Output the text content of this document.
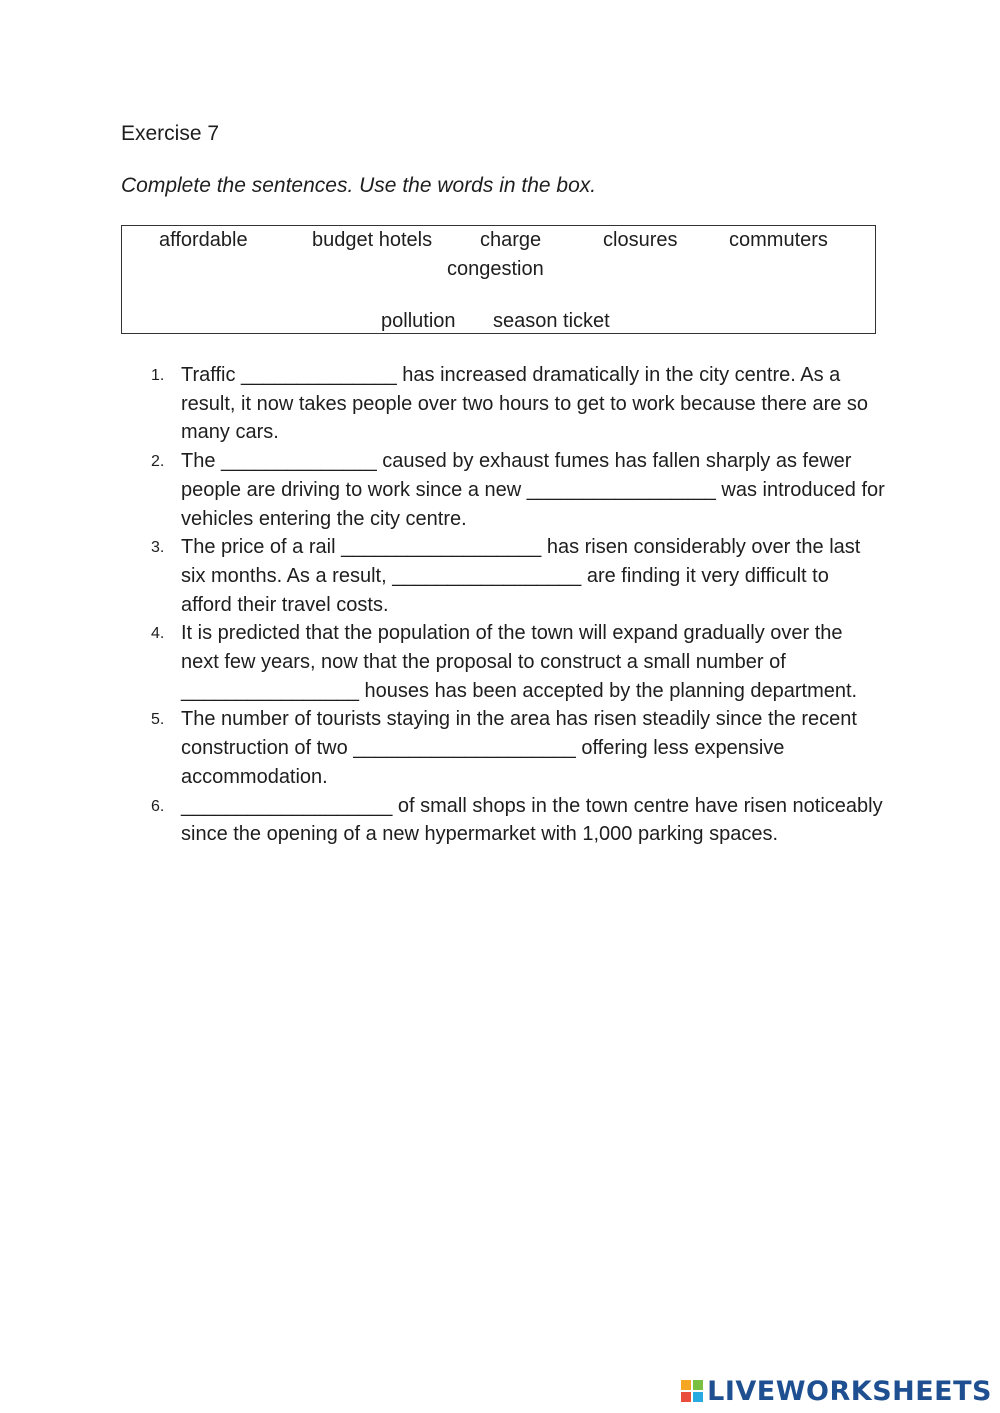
Exercise 7
Complete the sentences. Use the words in the box.
affordable	budget hotels charge	closures	commuters
congestion
pollution season ticket
1. Traffic ______________ has increased dramatically in the city centre. As a result, it now takes people over two hours to get to work because there are so many cars.
2. The ______________ caused by exhaust fumes has fallen sharply as fewer people are driving to work since a new _________________ was introduced for vehicles entering the city centre.
3. The price of a rail __________________ has risen considerably over the last six months. As a result, _________________ are finding it very difficult to afford their travel costs.
4. It is predicted that the population of the town will expand gradually over the next few years, now that the proposal to construct a small number of ________________ houses has been accepted by the planning department.
5. The number of tourists staying in the area has risen steadily since the recent construction of two ____________________ offering less expensive accommodation.
6. ___________________ of small shops in the town centre have risen noticeably since the opening of a new hypermarket with 1,000 parking spaces.
LIVEWORKSHEETS
